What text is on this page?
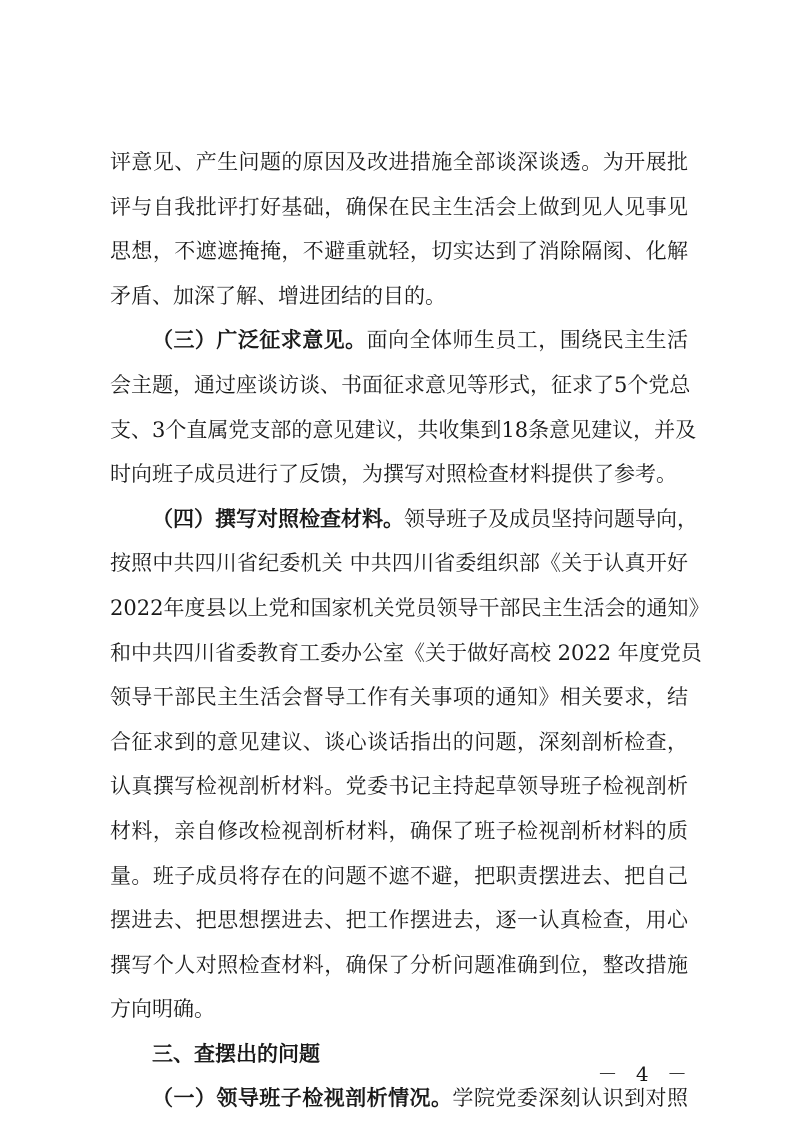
评意见、产生问题的原因及改进措施全部谈深谈透。为开展批
评与自我批评打好基础，确保在民主生活会上做到见人见事见
思想，不遮遮掩掩，不避重就轻，切实达到了消除隔阂、化解
矛盾、加深了解、增进团结的目的。
（三）广泛征求意见。面向全体师生员工，围绕民主生活
会主题，通过座谈访谈、书面征求意见等形式，征求了5个党总
支、3个直属党支部的意见建议，共收集到18条意见建议，并及
时向班子成员进行了反馈，为撰写对照检查材料提供了参考。
（四）撰写对照检查材料。领导班子及成员坚持问题导向，
按照中共四川省纪委机关 中共四川省委组织部《关于认真开好
2022年度县以上党和国家机关党员领导干部民主生活会的通知》
和中共四川省委教育工委办公室《关于做好高校 2022 年度党员
领导干部民主生活会督导工作有关事项的通知》相关要求，结
合征求到的意见建议、谈心谈话指出的问题，深刻剖析检查，
认真撰写检视剖析材料。党委书记主持起草领导班子检视剖析
材料，亲自修改检视剖析材料，确保了班子检视剖析材料的质
量。班子成员将存在的问题不遮不避，把职责摆进去、把自己
摆进去、把思想摆进去、把工作摆进去，逐一认真检查，用心
撰写个人对照检查材料，确保了分析问题准确到位，整改措施
方向明确。
三、查摆出的问题
（一）领导班子检视剖析情况。学院党委深刻认识到对照
－ 4 －
